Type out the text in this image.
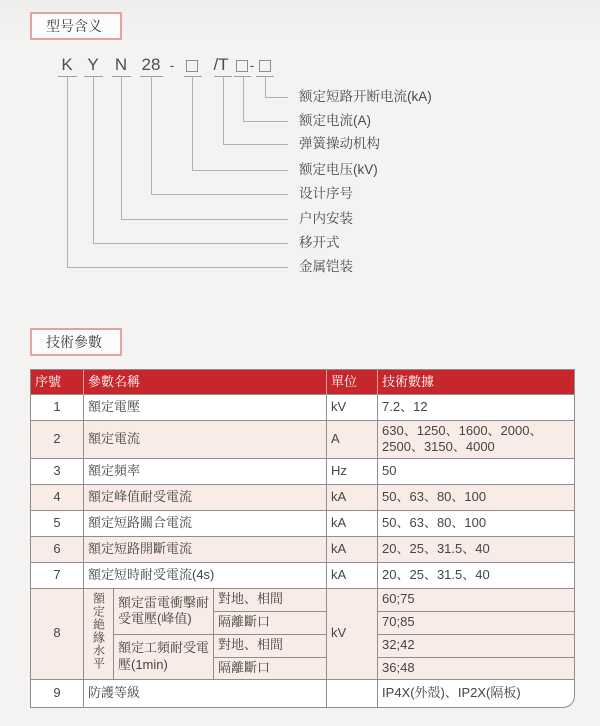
型号含义
K Y N 28 - /T -
额定短路开断电流(kA)
额定电流(A)
弹簧操动机构
额定电压(kV)
设计序号
户内安装
移开式
金属铠装
技術參數
序號	參數名稱			單位	技術數據
1	額定電壓			kV	7.2、12
2	額定電流			A	630、1250、1600、2000、2500、3150、4000
3	額定頻率			Hz	50
4	額定峰值耐受電流			kA	50、63、80、100
5	額定短路關合電流			kA	50、63、80、100
6	額定短路開斷電流			kA	20、25、31.5、40
7	額定短時耐受電流(4s)			kA	20、25、31.5、40
8	額定絶緣水平	額定雷電衝擊耐受電壓(峰值)	對地、相間	kV	60;75
			隔離斷口		70;85
		額定工頻耐受電壓(1min)	對地、相間		32;42
			隔離斷口		36;48
9	防護等級				IP4X(外殻)、IP2X(隔板)
